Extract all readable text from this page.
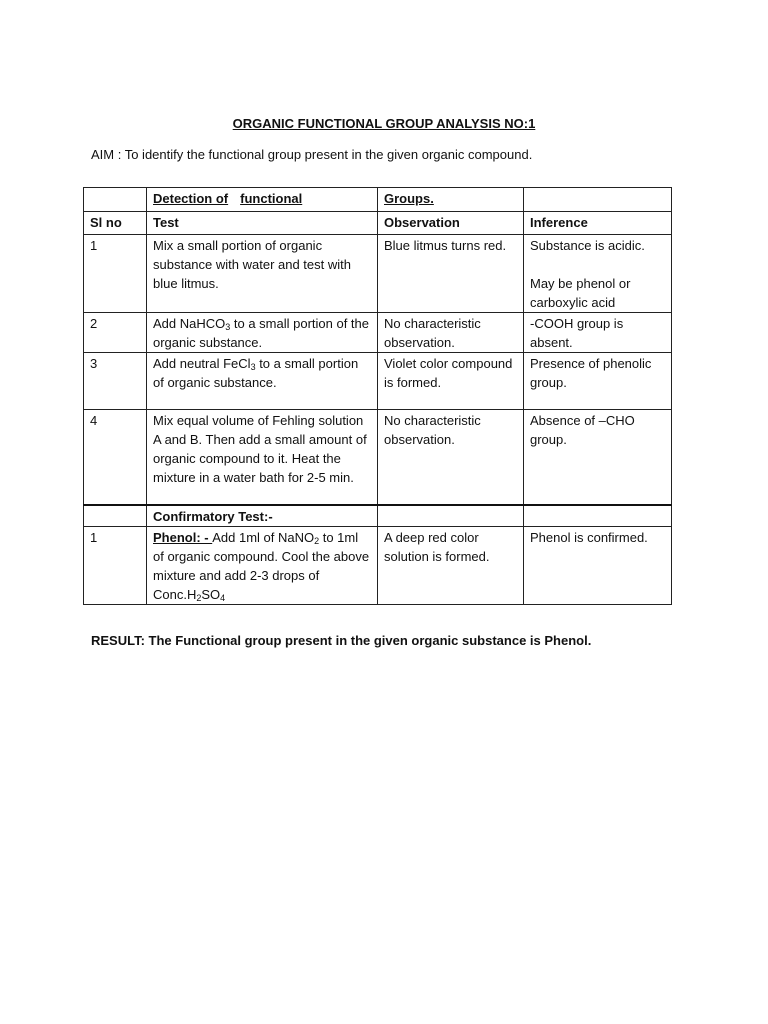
ORGANIC FUNCTIONAL GROUP ANALYSIS NO:1
AIM : To identify the functional group present in the given organic compound.
	Detection of functional	Groups.	
Sl no	Test	Observation	Inference
1	Mix a small portion of organic substance with water and test with blue litmus.	Blue litmus turns red.	Substance is acidic.
May be phenol or carboxylic acid

2	Add NaHCO$_3$ to a small portion of the organic substance.	No characteristic observation.	-COOH group is absent.
3	Add neutral FeCl$_3$ to a small portion of organic substance.	Violet color compound is formed.	Presence of phenolic group.
4	Mix equal volume of Fehling solution A and B. Then add a small amount of organic compound to it. Heat the mixture in a water bath for 2-5 min.	No characteristic observation.	Absence of –CHO group.
	Confirmatory Test:-		
1	Phenol: - Add 1ml of NaNO$_2$ to 1ml of organic compound. Cool the above mixture and add 2-3 drops of $Conc.H_2SO_4$	A deep red color solution is formed.	Phenol is confirmed.
RESULT: The Functional group present in the given organic substance is Phenol.
